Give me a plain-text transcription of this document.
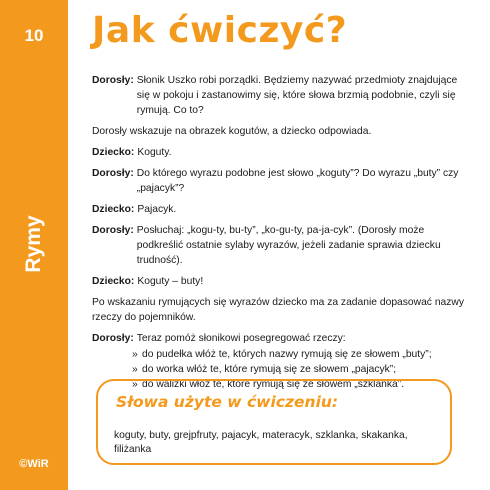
10
Rymy
©WiR
Jak ćwiczyć?
Dorosły: Słonik Uszko robi porządki. Będziemy nazywać przedmioty znajdujące się w pokoju i zastanowimy się, które słowa brzmią podobnie, czyli się rymują. Co to?

Dorosły wskazuje na obrazek kogutów, a dziecko odpowiada.

Dziecko: Koguty.
Dorosły: Do którego wyrazu podobne jest słowo „koguty”? Do wyrazu „buty” czy „pajacyk”?
Dziecko: Pajacyk.
Dorosły: Posłuchaj: „kogu-ty, bu-ty”, „ko-gu-ty, pa-ja-cyk”. (Dorosły może podkreślić ostatnie sylaby wyrazów, jeżeli zadanie sprawia dziecku trudność).
Dziecko: Koguty – buty!

Po wskazaniu rymujących się wyrazów dziecko ma za zadanie dopasować nazwy rzeczy do pojemników.

Dorosły: Teraz pomóż słonikowi posegregować rzeczy:
» do pudełka włóż te, których nazwy rymują się ze słowem „buty”;
» do worka włóż te, które rymują się ze słowem „pajacyk”;
» do walizki włóż te, które rymują się ze słowem „szklanka”.
Słowa użyte w ćwiczeniu:
koguty, buty, grejpfruty, pajacyk, materacyk, szklanka, skakanka, filiżanka
